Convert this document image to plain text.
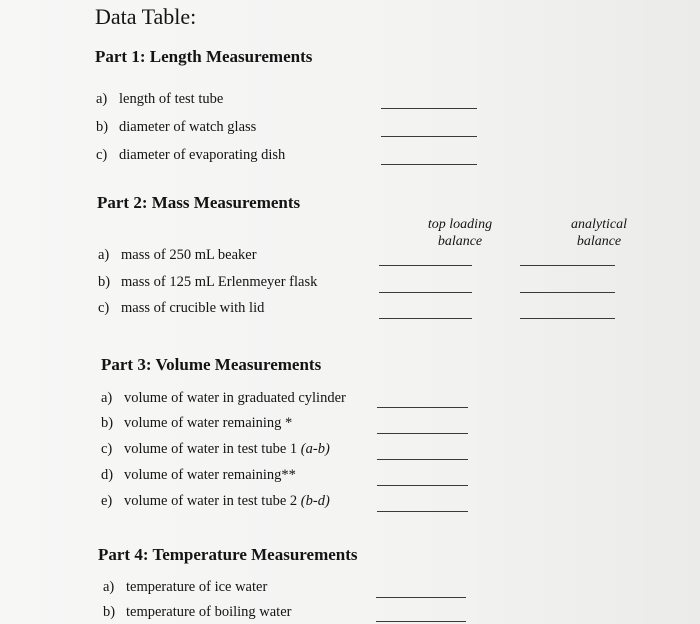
Data Table:
Part 1: Length Measurements
a) length of test tube
b) diameter of watch glass
c) diameter of evaporating dish
Part 2: Mass Measurements
top loading
balance
analytical
balance
a) mass of 250 mL beaker
b) mass of 125 mL Erlenmeyer flask
c) mass of crucible with lid
Part 3: Volume Measurements
a) volume of water in graduated cylinder
b) volume of water remaining *
c) volume of water in test tube 1 (a-b)
d) volume of water remaining**
e) volume of water in test tube 2 (b-d)
Part 4: Temperature Measurements
a) temperature of ice water
b) temperature of boiling water
